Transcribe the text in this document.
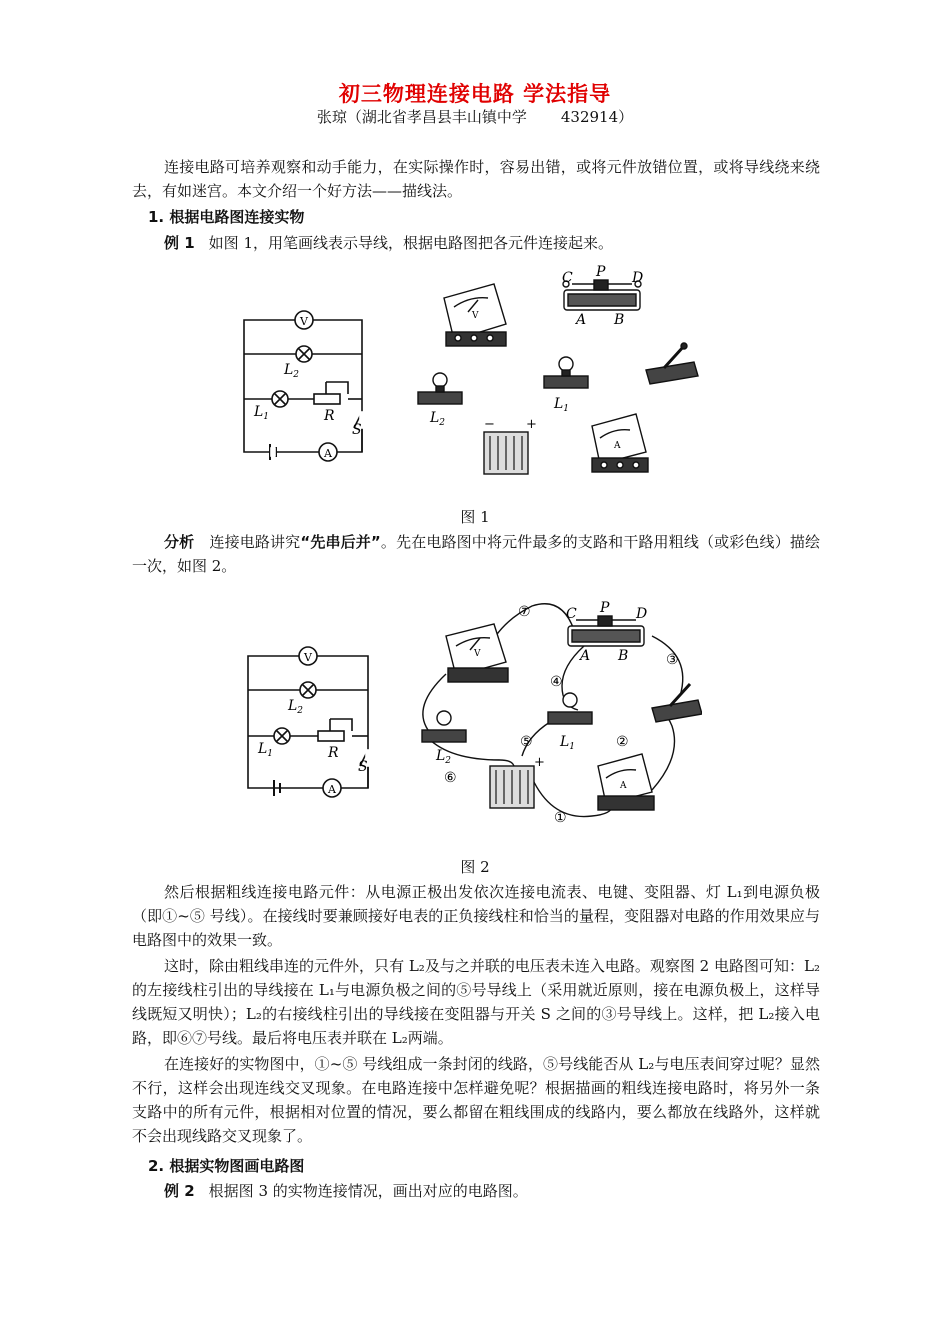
初三物理连接电路 学法指导
张琼（湖北省孝昌县丰山镇中学 432914）

连接电路可培养观察和动手能力，在实际操作时，容易出错，或将元件放错位置，或将导线绕来绕去，有如迷宫。本文介绍一个好方法——描线法。

1. 根据电路图连接实物
例 1 如图 1，用笔画线表示导线，根据电路图把各元件连接起来。
V
A
$L_2$
$L_1$	R
S
V
C P D
A B
$L_2$
$L_1$
− +
A
图 1

分析　 连接电路讲究“先串后并”。先在电路图中将元件最多的支路和干路用粗线（或彩色线）描绘一次，如图 2。

V
A
$L_2$
$L_1$	R
S
V
C P D
A B
$L_2$
$L_1$
−	+
A
①
②
③
④
⑤
⑥
⑦
图 2

然后根据粗线连接电路元件：从电源正极出发依次连接电流表、电键、变阻器、灯 L₁到电源负极（即①~⑤ 号线）。在接线时要兼顾接好电表的正负接线柱和恰当的量程，变阻器对电路的作用效果应与电路图中的效果一致。

这时，除由粗线串连的元件外，只有 L₂及与之并联的电压表未连入电路。观察图 2 电路图可知：L₂的左接线柱引出的导线接在 L₁与电源负极之间的⑤号导线上（采用就近原则，接在电源负极上，这样导线既短又明快）；L₂的右接线柱引出的导线接在变阻器与开关 S 之间的③号导线上。这样，把 L₂接入电路，即⑥⑦号线。最后将电压表并联在 L₂两端。

在连接好的实物图中，①~⑤ 号线组成一条封闭的线路，⑤号线能否从 L₂与电压表间穿过呢？显然不行，这样会出现连线交叉现象。在电路连接中怎样避免呢？根据描画的粗线连接电路时，将另外一条支路中的所有元件，根据相对位置的情况，要么都留在粗线围成的线路内，要么都放在线路外，这样就不会出现线路交叉现象了。

2. 根据实物图画电路图
例 2 根据图 3 的实物连接情况，画出对应的电路图。
